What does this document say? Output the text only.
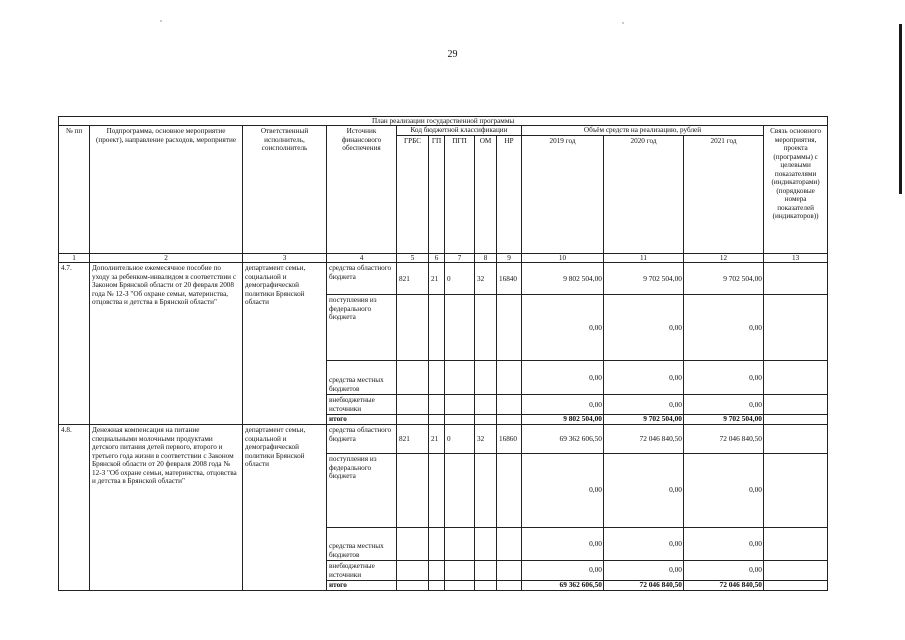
29
План реализации государственной программы												
№ пп	Подпрограмма, основное мероприятие (проект), направление расходов, мероприятие	Ответственный исполнитель, соисполнитель	Источник финансового обеспечения	Код бюджетной классификации					Объём средств на реализацию, рублей			Связь основного мероприятия, проекта (программы) с целевыми показателями (индикаторами) (порядковые номера показателей (индикаторов))
				ГРБС	ГП	ПГП	ОМ	НР	2019 год	2020 год	2021 год	
1	2	3	4	5	6	7	8	9	10	11	12	13
4.7.	Дополнительное ежемесячное пособие по уходу за ребенком-инвалидом в соответствии с Законом Брянской области от 20 февраля 2008 года № 12-З "Об охране семьи, материнства, отцовства и детства в Брянской области"	департамент семьи, социальной и демографической политики Брянской области	средства областного бюджета	821	21	0	32	16840	9 802 504,00	9 702 504,00	9 702 504,00	
			поступления из федерального бюджета						0,00	0,00	0,00	
			средства местных бюджетов						0,00	0,00	0,00	
			внебюджетные источники						0,00	0,00	0,00	
			итого						9 802 504,00	9 702 504,00	9 702 504,00	
4.8.	Денежная компенсация на питание специальными молочными продуктами детского питания детей первого, второго и третьего года жизни в соответствии с Законом Брянской области от 20 февраля 2008 года № 12-З "Об охране семьи, материнства, отцовства и детства в Брянской области"	департамент семьи, социальной и демографической политики Брянской области	средства областного бюджета	821	21	0	32	16860	69 362 606,50	72 046 840,50	72 046 840,50	
			поступления из федерального бюджета						0,00	0,00	0,00	
			средства местных бюджетов						0,00	0,00	0,00	
			внебюджетные источники						0,00	0,00	0,00	
			итого						69 362 606,50	72 046 840,50	72 046 840,50	
